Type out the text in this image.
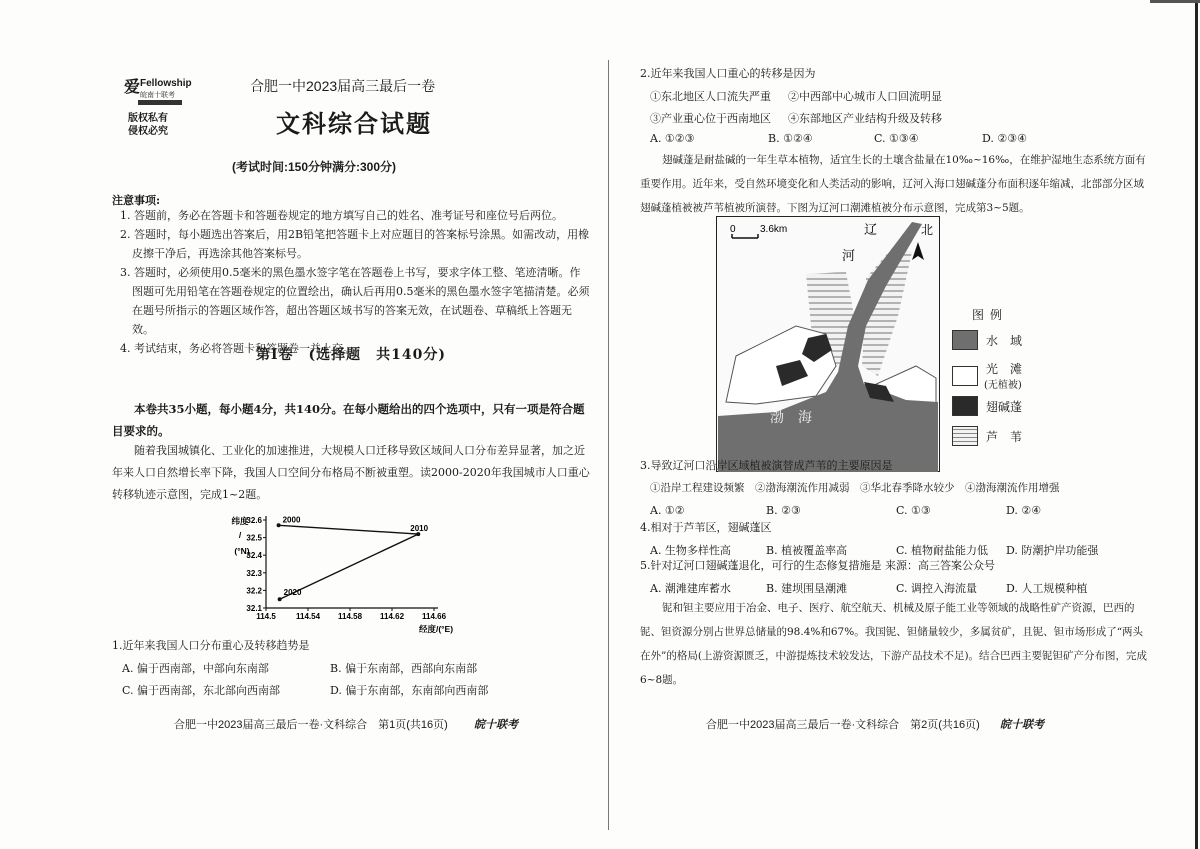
爱 Fellowship
皖南十联考
版权私有
侵权必究
合肥一中2023届高三最后一卷
文科综合试题
(考试时间:150分钟满分:300分)
注意事项:
1. 答题前，务必在答题卡和答题卷规定的地方填写自己的姓名、准考证号和座位号后两位。
2. 答题时，每小题选出答案后，用2B铅笔把答题卡上对应题目的答案标号涂黑。如需改动，用橡皮擦干净后，再选涂其他答案标号。
3. 答题时，必须使用0.5毫米的黑色墨水签字笔在答题卷上书写，要求字体工整、笔迹清晰。作图题可先用铅笔在答题卷规定的位置绘出，确认后再用0.5毫米的黑色墨水签字笔描清楚。必须在题号所指示的答题区域作答，超出答题区域书写的答案无效，在试题卷、草稿纸上答题无效。
4. 考试结束，务必将答题卡和答题卷一并上交。
第Ⅰ卷　(选择题　共140分)
本卷共35小题，每小题4分，共140分。在每小题给出的四个选项中，只有一项是符合题目要求的。
随着我国城镇化、工业化的加速推进，大规模人口迁移导致区域间人口分布差异显著，加之近年来人口自然增长率下降，我国人口空间分布格局不断被重塑。读2000-2020年我国城市人口重心转移轨迹示意图，完成1~2题。
32.6
32.5
32.4
32.3
32.2
32.1
114.5	114.54 114.58 114.62 114.66
纬度
/
(°N)
经度/(°E)
2000
2010
2020
1.近年来我国人口分布重心及转移趋势是
A. 偏于西南部，中部向东南部	B. 偏于东南部，西部向东南部
C. 偏于西南部，东北部向西南部	D. 偏于东南部，东南部向西南部
合肥一中2023届高三最后一卷·文科综合　第1页(共16页) 皖十联考
2.近年来我国人口重心的转移是因为
①东北地区人口流失严重 ②中西部中心城市人口回流明显
③产业重心位于西南地区 ④东部地区产业结构升级及转移
A. ①②③	B. ①②④	C. ①③④	D. ②③④
翅碱蓬是耐盐碱的一年生草本植物，适宜生长的土壤含盐量在10‰~16‰，在维护湿地生态系统方面有重要作用。近年来，受自然环境变化和人类活动的影响，辽河入海口翅碱蓬分布面积逐年缩减，北部部分区域翅碱蓬植被被芦苇植被所演替。下图为辽河口潮滩植被分布示意图，完成第3~5题。
0 3.6km	北
辽
河
渤　海
图例
水　域
光　滩
(无植被)
翅碱蓬
芦　苇
3.导致辽河口沿岸区域植被演替成芦苇的主要原因是
①沿岸工程建设频繁　②渤海潮流作用减弱　③华北春季降水较少　④渤海潮流作用增强
A. ①②	B. ②③	C. ①③	D. ②④
4.相对于芦苇区，翅碱蓬区
A. 生物多样性高	B. 植被覆盖率高	C. 植物耐盐能力低 D. 防潮护岸功能强
5.针对辽河口翅碱蓬退化，可行的生态修复措施是 来源：高三答案公众号
A. 潮滩建库蓄水	B. 建坝围垦潮滩	C. 调控入海流量	D. 人工规模种植
铌和钽主要应用于冶金、电子、医疗、航空航天、机械及原子能工业等领域的战略性矿产资源，巴西的铌、钽资源分别占世界总储量的98.4%和67%。我国铌、钽储量较少，多属贫矿，且铌、钽市场形成了“两头在外”的格局(上游资源匮乏，中游提炼技术较发达，下游产品技术不足)。结合巴西主要铌钽矿产分布图，完成6~8题。
合肥一中2023届高三最后一卷·文科综合　第2页(共16页) 皖十联考
